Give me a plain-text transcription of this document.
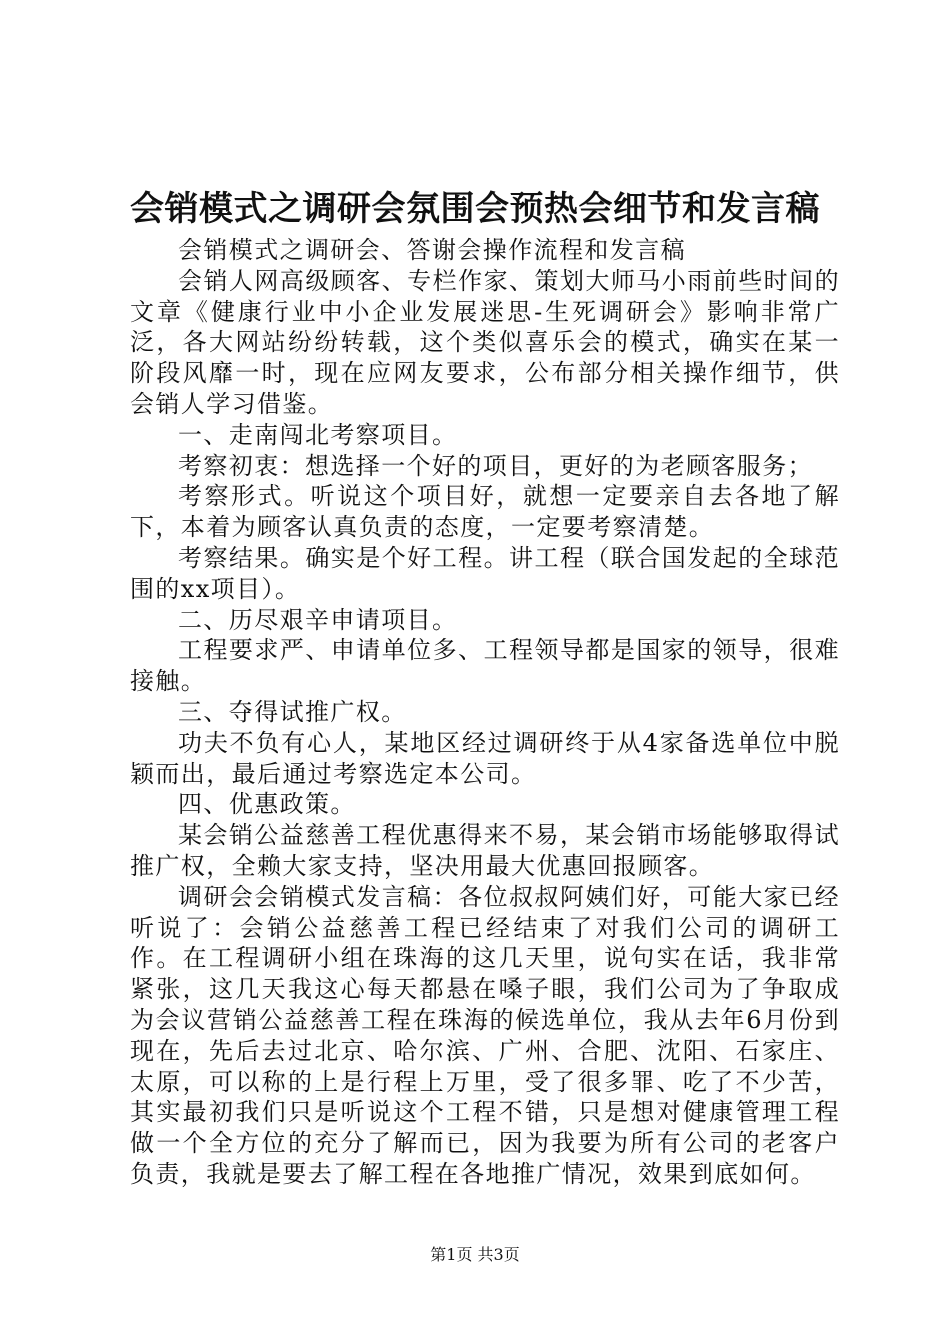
会销模式之调研会氛围会预热会细节和发言稿

会销模式之调研会、答谢会操作流程和发言稿

会销人网高级顾客、专栏作家、策划大师马小雨前些时间的文章《健康行业中小企业发展迷思-生死调研会》影响非常广泛，各大网站纷纷转载，这个类似喜乐会的模式，确实在某一阶段风靡一时，现在应网友要求，公布部分相关操作细节，供会销人学习借鉴。

一、走南闯北考察项目。

考察初衷：想选择一个好的项目，更好的为老顾客服务；

考察形式。听说这个项目好，就想一定要亲自去各地了解下，本着为顾客认真负责的态度，一定要考察清楚。

考察结果。确实是个好工程。讲工程（联合国发起的全球范围的xx项目）。

二、历尽艰辛申请项目。

工程要求严、申请单位多、工程领导都是国家的领导，很难接触。

三、夺得试推广权。

功夫不负有心人，某地区经过调研终于从4家备选单位中脱颖而出，最后通过考察选定本公司。

四、优惠政策。

某会销公益慈善工程优惠得来不易，某会销市场能够取得试推广权，全赖大家支持，坚决用最大优惠回报顾客。

调研会会销模式发言稿：各位叔叔阿姨们好，可能大家已经听说了：会销公益慈善工程已经结束了对我们公司的调研工作。在工程调研小组在珠海的这几天里，说句实在话，我非常紧张，这几天我这心每天都悬在嗓子眼，我们公司为了争取成为会议营销公益慈善工程在珠海的候选单位，我从去年6月份到现在，先后去过北京、哈尔滨、广州、合肥、沈阳、石家庄、太原，可以称的上是行程上万里，受了很多罪、吃了不少苦，其实最初我们只是听说这个工程不错，只是想对健康管理工程做一个全方位的充分了解而已，因为我要为所有公司的老客户负责，我就是要去了解工程在各地推广情况，效果到底如何。

第1页 共3页
